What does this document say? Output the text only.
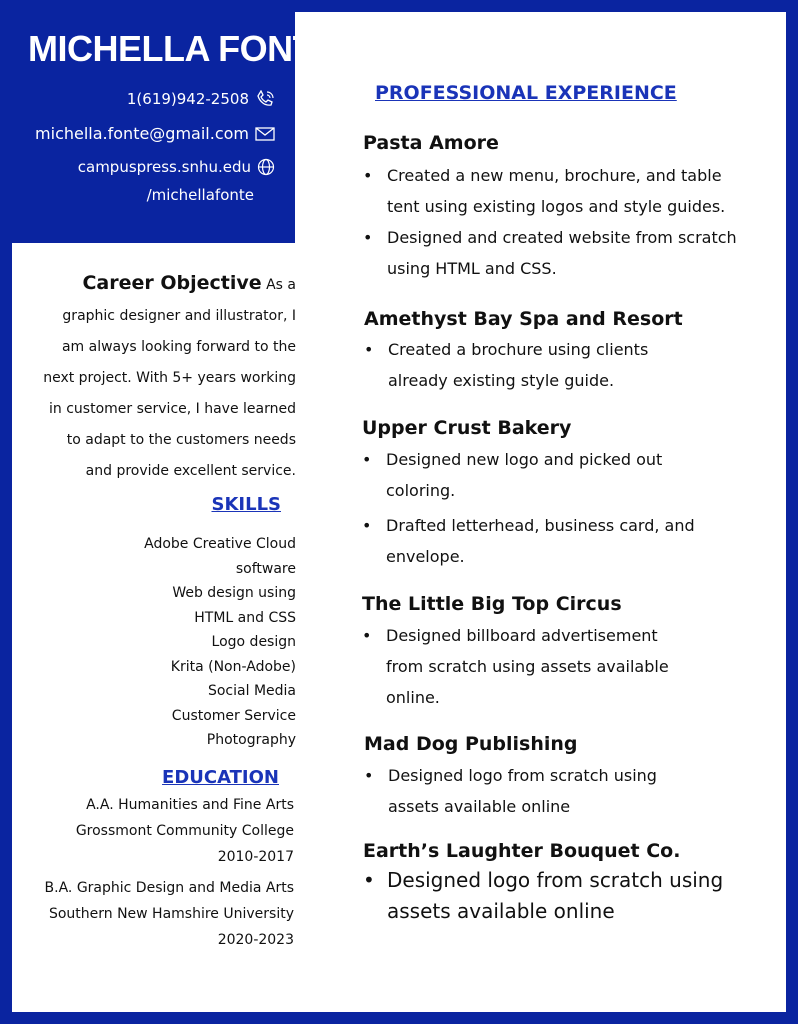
MICHELLA FONTE
1(619)942-2508
michella.fonte@gmail.com
campuspress.snhu.edu
/michellafonte
Career Objective As a graphic designer and illustrator, I am always looking forward to the next project. With 5+ years working in customer service, I have learned to adapt to the customers needs and provide excellent service.
SKILLS
Adobe Creative Cloud
software
Web design using
HTML and CSS
Logo design
Krita (Non-Adobe)
Social Media
Customer Service
Photography
EDUCATION
A.A. Humanities and Fine Arts
Grossmont Community College
2010-2017
B.A. Graphic Design and Media Arts
Southern New Hamshire University
2020-2023
PROFESSIONAL EXPERIENCE
Pasta Amore
• Created a new menu, brochure, and table
tent using existing logos and style guides.
• Designed and created website from scratch
using HTML and CSS.
Amethyst Bay Spa and Resort
• Created a brochure using clients
already existing style guide.
Upper Crust Bakery
• Designed new logo and picked out
coloring.
• Drafted letterhead, business card, and
envelope.
The Little Big Top Circus
• Designed billboard advertisement
from scratch using assets available
online.
Mad Dog Publishing
• Designed logo from scratch using
assets available online
Earth’s Laughter Bouquet Co.
• Designed logo from scratch using
assets available online
